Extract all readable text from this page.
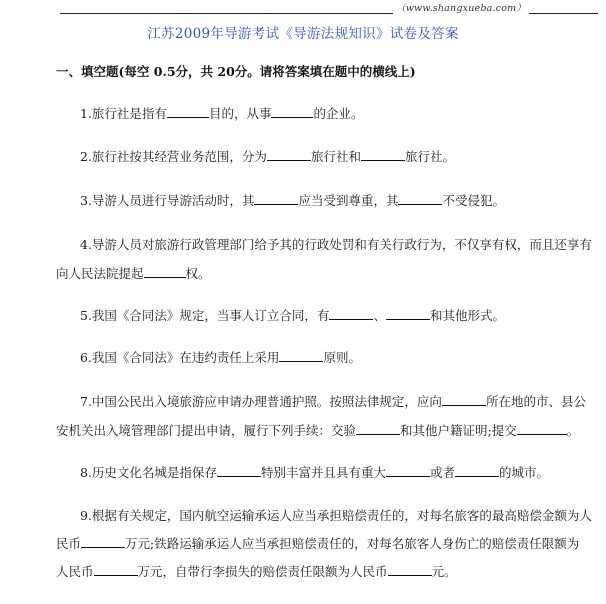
（www.shangxueba.com）
江苏2009年导游考试《导游法规知识》试卷及答案
一、填空题(每空 0.5分，共 20分。请将答案填在题中的横线上)
1.旅行社是指有	目的，从事	的企业。
2.旅行社按其经营业务范围，分为	旅行社和	旅行社。
3.导游人员进行导游活动时，其	应当受到尊重，其	不受侵犯。
4.导游人员对旅游行政管理部门给予其的行政处罚和有关行政行为，不仅享有权，而且还享有
向人民法院提起	权。
5.我国《合同法》规定，当事人订立合同，有	、	和其他形式。
6.我国《合同法》在违约责任上采用	原则。
7.中国公民出入境旅游应申请办理普通护照。按照法律规定，应向	所在地的市、县公
安机关出入境管理部门提出申请，履行下列手续：交验	和其他户籍证明;提交	。
8.历史文化名城是指保存	特别丰富并且具有重大	或者	的城市。
9.根据有关规定，国内航空运输承运人应当承担赔偿责任的，对每名旅客的最高赔偿金额为人
民币	万元;铁路运输承运人应当承担赔偿责任的，对每名旅客人身伤亡的赔偿责任限额为
人民币	万元，自带行李损失的赔偿责任限额为人民币	元。
